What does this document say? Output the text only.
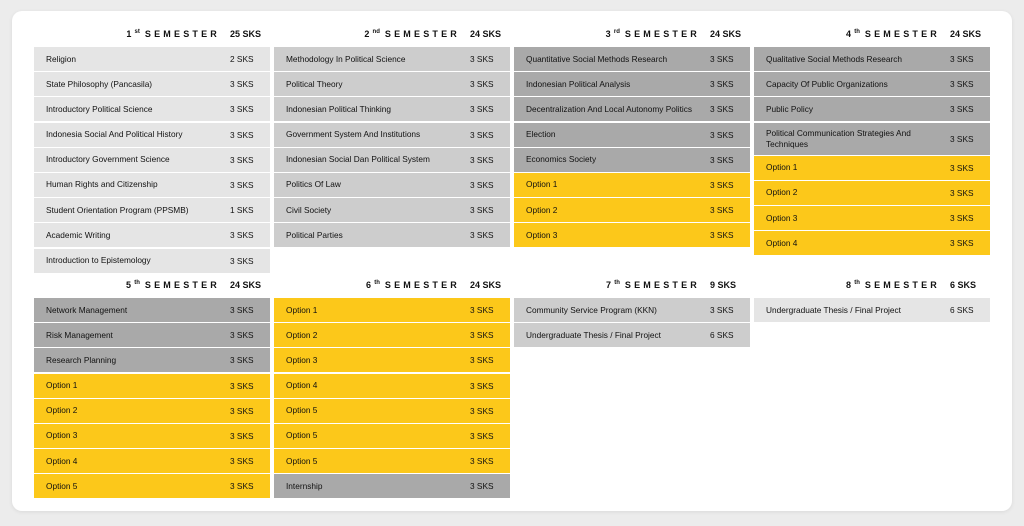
1st SEMESTER 25 SKS
Religion	2 SKS
State Philosophy (Pancasila)	3 SKS
Introductory Political Science	3 SKS
Indonesia Social And Political History	3 SKS
Introductory Government Science	3 SKS
Human Rights and Citizenship	3 SKS
Student Orientation Program (PPSMB)	1 SKS
Academic Writing	3 SKS
Introduction to Epistemology	3 SKS
2nd SEMESTER 24 SKS
Methodology In Political Science	3 SKS
Political Theory	3 SKS
Indonesian Political Thinking	3 SKS
Government System And Institutions	3 SKS
Indonesian Social Dan Political System	3 SKS
Politics Of Law	3 SKS
Civil Society	3 SKS
Political Parties	3 SKS
3rd SEMESTER 24 SKS
Quantitative Social Methods Research	3 SKS
Indonesian Political Analysis	3 SKS
Decentralization And Local Autonomy Politics	3 SKS
Election	3 SKS
Economics Society	3 SKS
Option 1	3 SKS
Option 2	3 SKS
Option 3	3 SKS
4th SEMESTER 24 SKS
Qualitative Social Methods Research	3 SKS
Capacity Of Public Organizations	3 SKS
Public Policy	3 SKS
Political Communication Strategies And Techniques	3 SKS
Option 1	3 SKS
Option 2	3 SKS
Option 3	3 SKS
Option 4	3 SKS
5th SEMESTER 24 SKS
Network Management	3 SKS
Risk Management	3 SKS
Research Planning	3 SKS
Option 1	3 SKS
Option 2	3 SKS
Option 3	3 SKS
Option 4	3 SKS
Option 5	3 SKS
6th SEMESTER 24 SKS
Option 1	3 SKS
Option 2	3 SKS
Option 3	3 SKS
Option 4	3 SKS
Option 5	3 SKS
Option 5	3 SKS
Option 5	3 SKS
Internship	3 SKS
7th SEMESTER 9 SKS
Community Service Program (KKN)	3 SKS
Undergraduate Thesis / Final Project	6 SKS
8th SEMESTER 6 SKS
Undergraduate Thesis / Final Project	6 SKS
